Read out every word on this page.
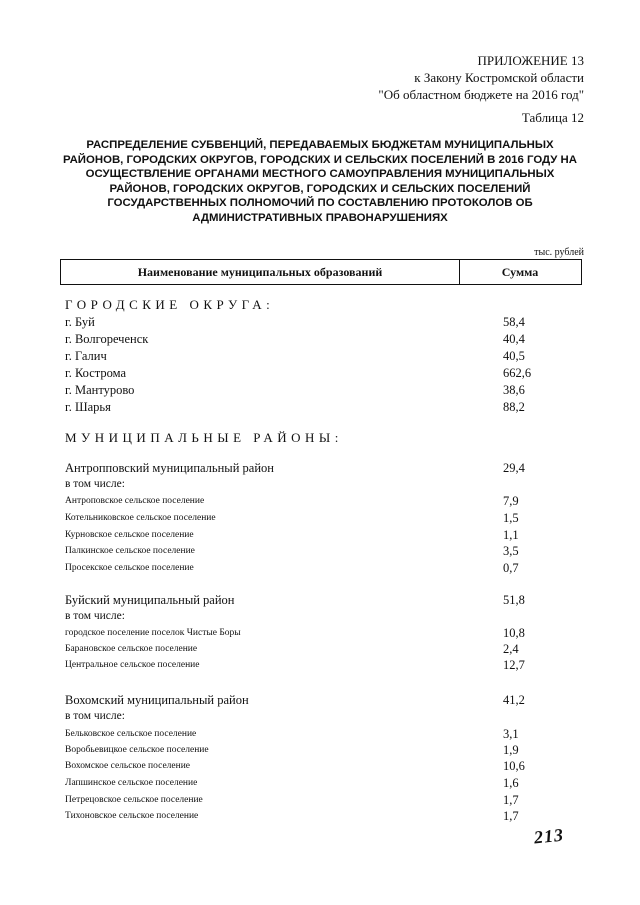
ПРИЛОЖЕНИЕ 13
к Закону Костромской области
"Об областном бюджете на 2016 год"
Таблица 12
РАСПРЕДЕЛЕНИЕ СУБВЕНЦИЙ, ПЕРЕДАВАЕМЫХ БЮДЖЕТАМ МУНИЦИПАЛЬНЫХ РАЙОНОВ, ГОРОДСКИХ ОКРУГОВ, ГОРОДСКИХ И СЕЛЬСКИХ ПОСЕЛЕНИЙ В 2016 ГОДУ НА ОСУЩЕСТВЛЕНИЕ ОРГАНАМИ МЕСТНОГО САМОУПРАВЛЕНИЯ МУНИЦИПАЛЬНЫХ РАЙОНОВ, ГОРОДСКИХ ОКРУГОВ, ГОРОДСКИХ И СЕЛЬСКИХ ПОСЕЛЕНИЙ ГОСУДАРСТВЕННЫХ ПОЛНОМОЧИЙ ПО СОСТАВЛЕНИЮ ПРОТОКОЛОВ ОБ АДМИНИСТРАТИВНЫХ ПРАВОНАРУШЕНИЯХ
тыс. рублей
Наименование муниципальных образований	Сумма
ГОРОДСКИЕ ОКРУГА:
г. Буй	58,4
г. Волгореченск	40,4
г. Галич	40,5
г. Кострома	662,6
г. Мантурово	38,6
г. Шарья	88,2
МУНИЦИПАЛЬНЫЕ РАЙОНЫ:
Антропповский муниципальный район	29,4
в том числе:
Антроповское сельское поселение	7,9
Котельниковское сельское поселение	1,5
Курновское сельское поселение	1,1
Палкинское сельское поселение	3,5
Просекское сельское поселение	0,7
Буйский муниципальный район	51,8
в том числе:
городское поселение поселок Чистые Боры	10,8
Барановское сельское поселение	2,4
Центральное сельское поселение	12,7
Вохомский муниципальный район	41,2
в том числе:
Бельковское сельское поселение	3,1
Воробьевицкое сельское поселение	1,9
Вохомское сельское поселение	10,6
Лапшинское сельское поселение	1,6
Петрецовское сельское поселение	1,7
Тихоновское сельское поселение	1,7
213
